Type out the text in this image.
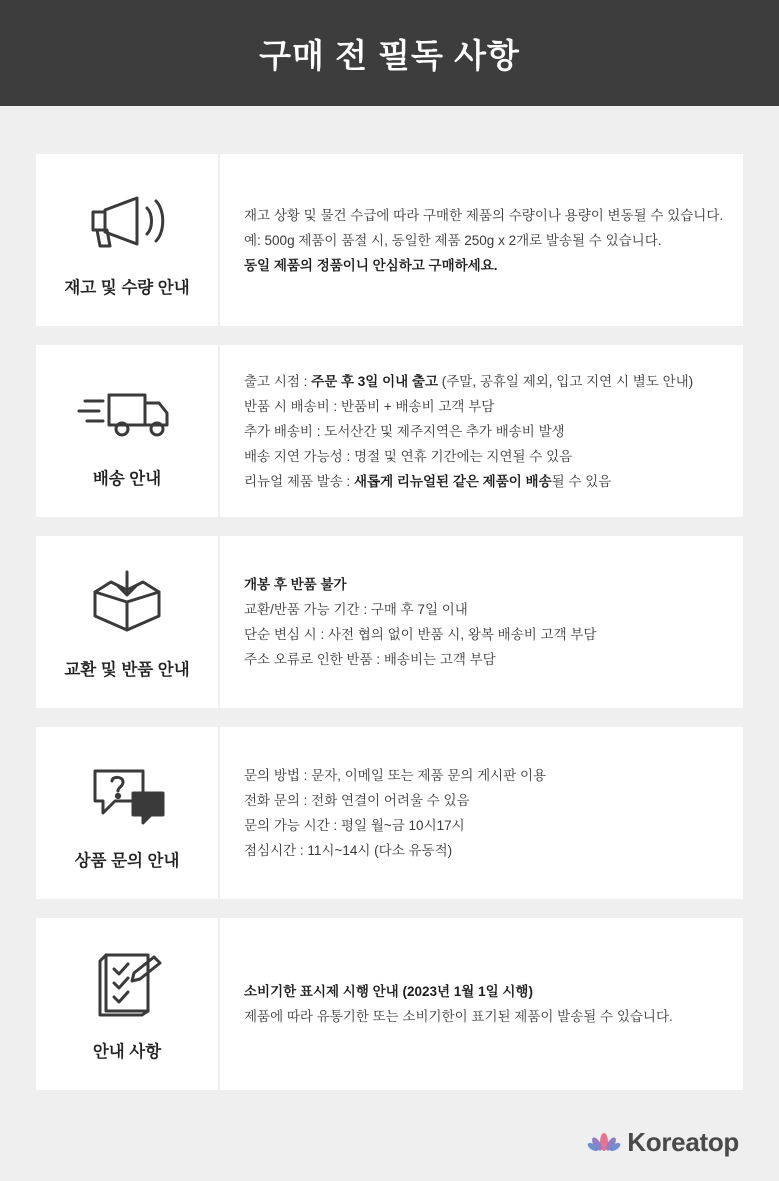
구매 전 필독 사항
재고 및 수량 안내
재고 상황 및 물건 수급에 따라 구매한 제품의 수량이나 용량이 변동될 수 있습니다.
예: 500g 제품이 품절 시, 동일한 제품 250g x 2개로 발송될 수 있습니다.
동일 제품의 정품이니 안심하고 구매하세요.
배송 안내
출고 시점 : 주문 후 3일 이내 출고 (주말, 공휴일 제외, 입고 지연 시 별도 안내)
반품 시 배송비 : 반품비 + 배송비 고객 부담
추가 배송비 : 도서산간 및 제주지역은 추가 배송비 발생
배송 지연 가능성 : 명절 및 연휴 기간에는 지연될 수 있음
리뉴얼 제품 발송 : 새롭게 리뉴얼된 같은 제품이 배송될 수 있음
교환 및 반품 안내
개봉 후 반품 불가
교환/반품 가능 기간 : 구매 후 7일 이내
단순 변심 시 : 사전 협의 없이 반품 시, 왕복 배송비 고객 부담
주소 오류로 인한 반품 : 배송비는 고객 부담
상품 문의 안내
문의 방법 : 문자, 이메일 또는 제품 문의 게시판 이용
전화 문의 : 전화 연결이 어려울 수 있음
문의 가능 시간 : 평일 월~금 10시17시
점심시간 : 11시~14시 (다소 유동적)
안내 사항
소비기한 표시제 시행 안내 (2023년 1월 1일 시행)
제품에 따라 유통기한 또는 소비기한이 표기된 제품이 발송될 수 있습니다.
Koreatop
